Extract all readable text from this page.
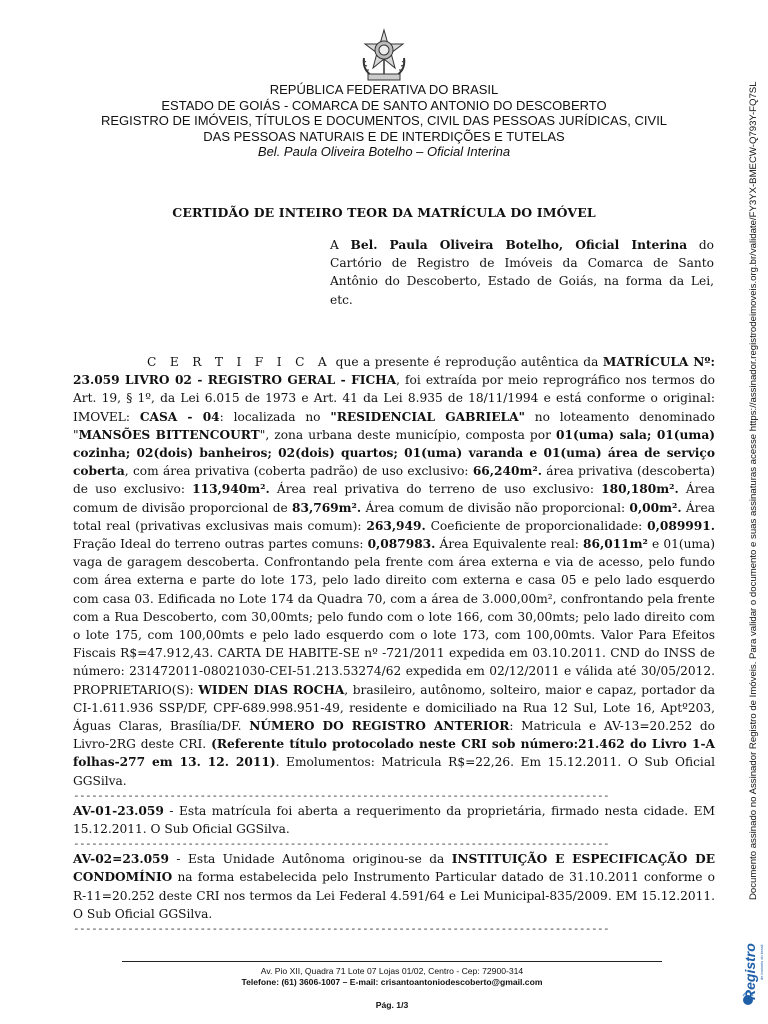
REPÚBLICA FEDERATIVA DO BRASIL
ESTADO DE GOIÁS - COMARCA DE SANTO ANTONIO DO DESCOBERTO
REGISTRO DE IMÓVEIS, TÍTULOS E DOCUMENTOS, CIVIL DAS PESSOAS JURÍDICAS, CIVIL
DAS PESSOAS NATURAIS E DE INTERDIÇÕES E TUTELAS
Bel. Paula Oliveira Botelho – Oficial Interina
CERTIDÃO DE INTEIRO TEOR DA MATRÍCULA DO IMÓVEL
A Bel. Paula Oliveira Botelho, Oficial Interina do Cartório de Registro de Imóveis da Comarca de Santo Antônio do Descoberto, Estado de Goiás, na forma da Lei, etc.

C E R T I F I C A que a presente é reprodução autêntica da MATRÍCULA Nº: 23.059 LIVRO 02 - REGISTRO GERAL - FICHA, foi extraída por meio reprográfico nos termos do Art. 19, § 1º, da Lei 6.015 de 1973 e Art. 41 da Lei 8.935 de 18/11/1994 e está conforme o original: IMOVEL: CASA - 04: localizada no "RESIDENCIAL GABRIELA" no loteamento denominado "MANSÕES BITTENCOURT", zona urbana deste município, composta por 01(uma) sala; 01(uma) cozinha; 02(dois) banheiros; 02(dois) quartos; 01(uma) varanda e 01(uma) área de serviço coberta, com área privativa (coberta padrão) de uso exclusivo: 66,240m². área privativa (descoberta) de uso exclusivo: 113,940m². Área real privativa do terreno de uso exclusivo: 180,180m². Área comum de divisão proporcional de 83,769m². Área comum de divisão não proporcional: 0,00m². Área total real (privativas exclusivas mais comum): 263,949. Coeficiente de proporcionalidade: 0,089991. Fração Ideal do terreno outras partes comuns: 0,087983. Área Equivalente real: 86,011m² e 01(uma) vaga de garagem descoberta. Confrontando pela frente com área externa e via de acesso, pelo fundo com área externa e parte do lote 173, pelo lado direito com externa e casa 05 e pelo lado esquerdo com casa 03. Edificada no Lote 174 da Quadra 70, com a área de 3.000,00m², confrontando pela frente com a Rua Descoberto, com 30,00mts; pelo fundo com o lote 166, com 30,00mts; pelo lado direito com o lote 175, com 100,00mts e pelo lado esquerdo com o lote 173, com 100,00mts. Valor Para Efeitos Fiscais R$=47.912,43. CARTA DE HABITE-SE nº -721/2011 expedida em 03.10.2011. CND do INSS de número: 231472011-08021030-CEI-51.213.53274/62 expedida em 02/12/2011 e válida até 30/05/2012. PROPRIETARIO(S): WIDEN DIAS ROCHA, brasileiro, autônomo, solteiro, maior e capaz, portador da CI-1.611.936 SSP/DF, CPF-689.998.951-49, residente e domiciliado na Rua 12 Sul, Lote 16, Aptº203, Águas Claras, Brasília/DF. NÚMERO DO REGISTRO ANTERIOR: Matricula e AV-13=20.252 do Livro-2RG deste CRI. (Referente título protocolado neste CRI sob número:21.462 do Livro 1-A folhas-277 em 13. 12. 2011). Emolumentos: Matricula R$=22,26. Em 15.12.2011. O Sub Oficial GGSilva.

-----------------------------------------------------------------------------------------

AV-01-23.059 - Esta matrícula foi aberta a requerimento da proprietária, firmado nesta cidade. EM 15.12.2011. O Sub Oficial GGSilva.

-----------------------------------------------------------------------------------------

AV-02=23.059 - Esta Unidade Autônoma originou-se da INSTITUIÇÃO E ESPECIFICAÇÃO DE CONDOMÍNIO na forma estabelecida pelo Instrumento Particular datado de 31.10.2011 conforme o R-11=20.252 deste CRI nos termos da Lei Federal 4.591/64 e Lei Municipal-835/2009. EM 15.12.2011. O Sub Oficial GGSilva.

-----------------------------------------------------------------------------------------
Documento assinado no Assinador Registro de Imóveis. Para validar o documento e suas assinaturas acesse https://assinador.registrodeimoveis.org.br/validate/FY3YX-BMECW-Q793Y-FQ7SL
Registro de imóveis do brasil
Av. Pio XII, Quadra 71 Lote 07 Lojas 01/02, Centro - Cep: 72900-314
Telefone: (61) 3606-1007 – E-mail: crisantoantoniodescoberto@gmail.com
Pág. 1/3
